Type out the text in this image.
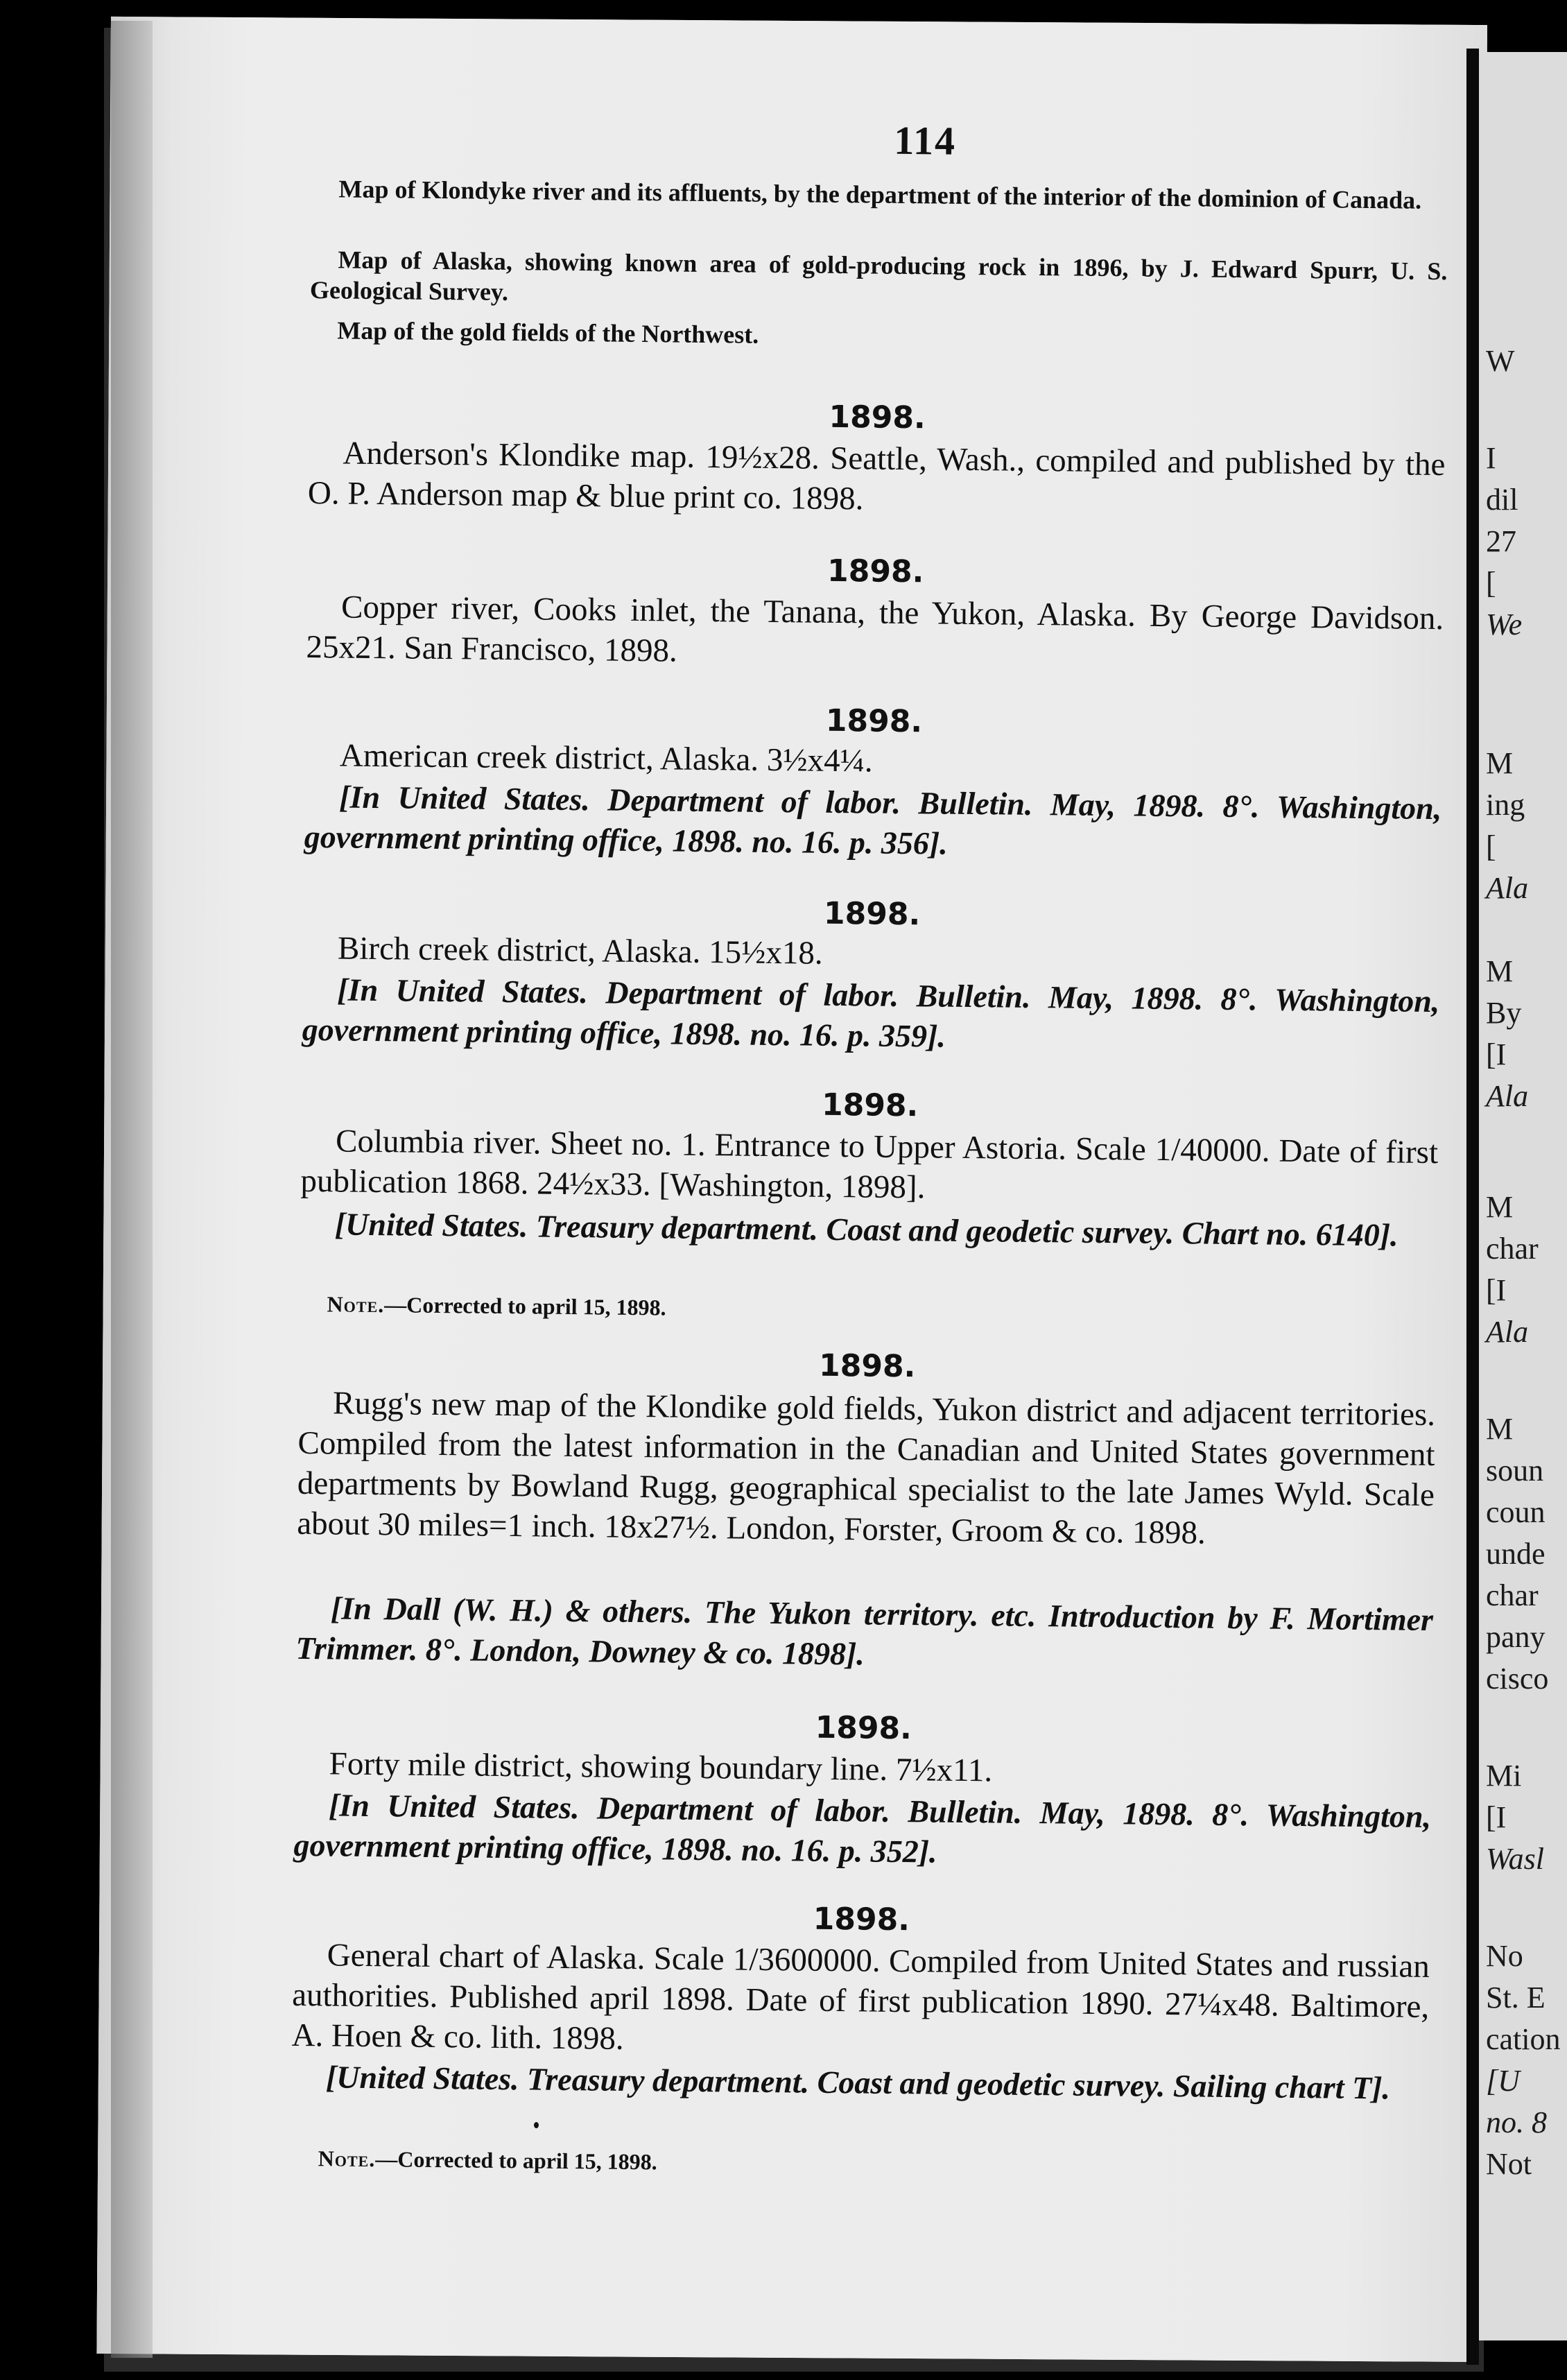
W
I
dil
27
[
We
M
ing
[
Ala
M
By
[I
Ala
M
char
[I
Ala
M
soun
coun
unde
char
pany
cisco
Mi
[I
Wasl
No
St. E
cation
[U
no. 8
Not
114
Map of Klondyke river and its affluents, by the department of the interior of the dominion of Canada.
Map of Alaska, showing known area of gold-producing rock in 1896, by J. Edward Spurr, U. S. Geological Survey.
Map of the gold fields of the Northwest.
1898.
Anderson's Klondike map. 19½x28. Seattle, Wash., compiled and published by the O. P. Anderson map & blue print co. 1898.
1898.
Copper river, Cooks inlet, the Tanana, the Yukon, Alaska. By George Davidson. 25x21. San Francisco, 1898.
1898.
American creek district, Alaska. 3½x4¼.
[In United States. Department of labor. Bulletin. May, 1898. 8°. Washington, government printing office, 1898. no. 16. p. 356].
1898.
Birch creek district, Alaska. 15½x18.
[In United States. Department of labor. Bulletin. May, 1898. 8°. Washington, government printing office, 1898. no. 16. p. 359].
1898.
Columbia river. Sheet no. 1. Entrance to Upper Astoria. Scale 1/40000. Date of first publication 1868. 24½x33. [Washington, 1898].
[United States. Treasury department. Coast and geodetic survey. Chart no. 6140].
Note.—Corrected to april 15, 1898.
1898.
Rugg's new map of the Klondike gold fields, Yukon district and adjacent territories. Compiled from the latest information in the Canadian and United States government departments by Bowland Rugg, geographical specialist to the late James Wyld. Scale about 30 miles=1 inch. 18x27½. London, Forster, Groom & co. 1898.
[In Dall (W. H.) & others. The Yukon territory. etc. Introduction by F. Mortimer Trimmer. 8°. London, Downey & co. 1898].
1898.
Forty mile district, showing boundary line. 7½x11.
[In United States. Department of labor. Bulletin. May, 1898. 8°. Washington, government printing office, 1898. no. 16. p. 352].
1898.
General chart of Alaska. Scale 1/3600000. Compiled from United States and russian authorities. Published april 1898. Date of first publication 1890. 27¼x48. Baltimore, A. Hoen & co. lith. 1898.
[United States. Treasury department. Coast and geodetic survey. Sailing chart T].
Note.—Corrected to april 15, 1898.
